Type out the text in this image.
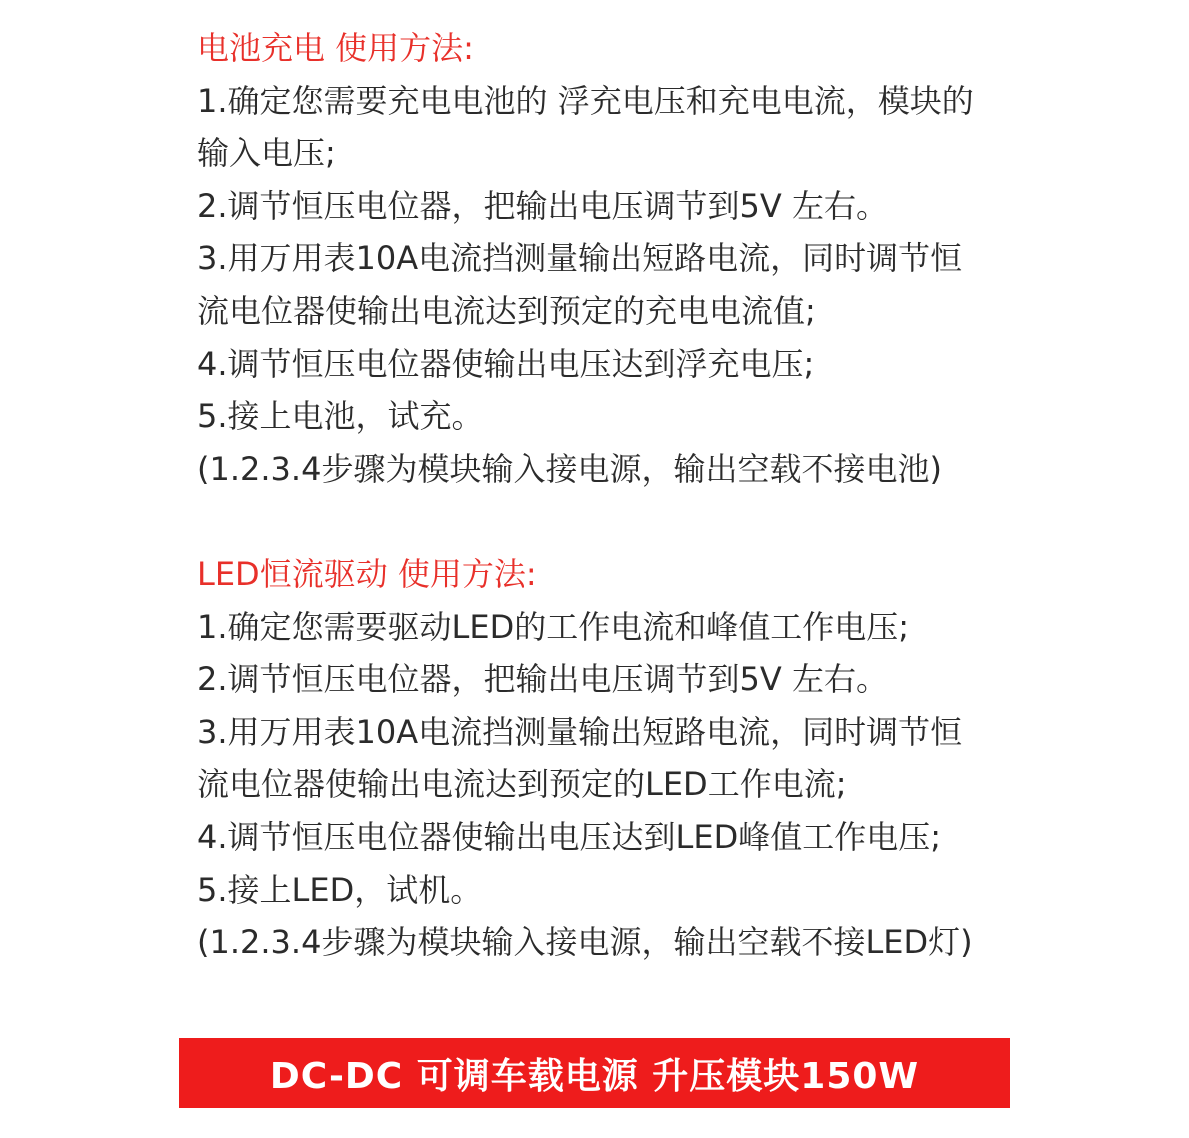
电池充电 使用方法:
1.确定您需要充电电池的 浮充电压和充电电流，模块的
输入电压;
2.调节恒压电位器，把输出电压调节到5V 左右。
3.用万用表10A电流挡测量输出短路电流，同时调节恒
流电位器使输出电流达到预定的充电电流值;
4.调节恒压电位器使输出电压达到浮充电压;
5.接上电池，试充。
(1.2.3.4步骤为模块输入接电源，输出空载不接电池)
LED恒流驱动 使用方法:
1.确定您需要驱动LED的工作电流和峰值工作电压;
2.调节恒压电位器，把输出电压调节到5V 左右。
3.用万用表10A电流挡测量输出短路电流，同时调节恒
流电位器使输出电流达到预定的LED工作电流;
4.调节恒压电位器使输出电压达到LED峰值工作电压;
5.接上LED，试机。
(1.2.3.4步骤为模块输入接电源，输出空载不接LED灯)
DC-DC 可调车载电源 升压模块150W
